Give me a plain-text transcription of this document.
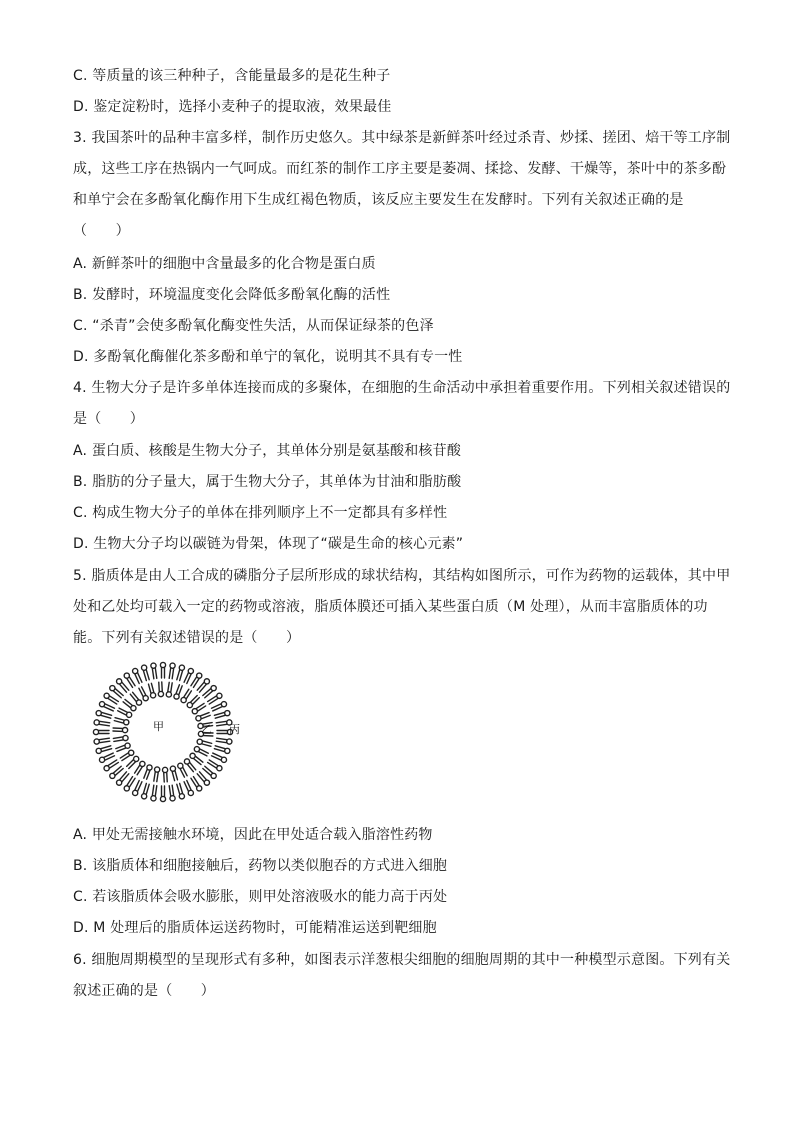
C. 等质量的该三种种子，含能量最多的是花生种子
D. 鉴定淀粉时，选择小麦种子的提取液，效果最佳
3. 我国茶叶的品种丰富多样，制作历史悠久。其中绿茶是新鲜茶叶经过杀青、炒揉、搓团、焙干等工序制
成，这些工序在热锅内一气呵成。而红茶的制作工序主要是萎凋、揉捻、发酵、干燥等，茶叶中的茶多酚
和单宁会在多酚氧化酶作用下生成红褐色物质，该反应主要发生在发酵时。下列有关叙述正确的是
（　　）
A. 新鲜茶叶的细胞中含量最多的化合物是蛋白质
B. 发酵时，环境温度变化会降低多酚氧化酶的活性
C. “杀青”会使多酚氧化酶变性失活，从而保证绿茶的色泽
D. 多酚氧化酶催化茶多酚和单宁的氧化，说明其不具有专一性
4. 生物大分子是许多单体连接而成的多聚体，在细胞的生命活动中承担着重要作用。下列相关叙述错误的
是（　　）
A. 蛋白质、核酸是生物大分子，其单体分别是氨基酸和核苷酸
B. 脂肪的分子量大，属于生物大分子，其单体为甘油和脂肪酸
C. 构成生物大分子的单体在排列顺序上不一定都具有多样性
D. 生物大分子均以碳链为骨架，体现了“碳是生命的核心元素”
5. 脂质体是由人工合成的磷脂分子层所形成的球状结构，其结构如图所示，可作为药物的运载体，其中甲
处和乙处均可载入一定的药物或溶液，脂质体膜还可插入某些蛋白质（M 处理），从而丰富脂质体的功
能。下列有关叙述错误的是（　　）
甲	乙 丙
A. 甲处无需接触水环境，因此在甲处适合载入脂溶性药物
B. 该脂质体和细胞接触后，药物以类似胞吞的方式进入细胞
C. 若该脂质体会吸水膨胀，则甲处溶液吸水的能力高于丙处
D. M 处理后的脂质体运送药物时，可能精准运送到靶细胞
6. 细胞周期模型的呈现形式有多种，如图表示洋葱根尖细胞的细胞周期的其中一种模型示意图。下列有关
叙述正确的是（　　）
